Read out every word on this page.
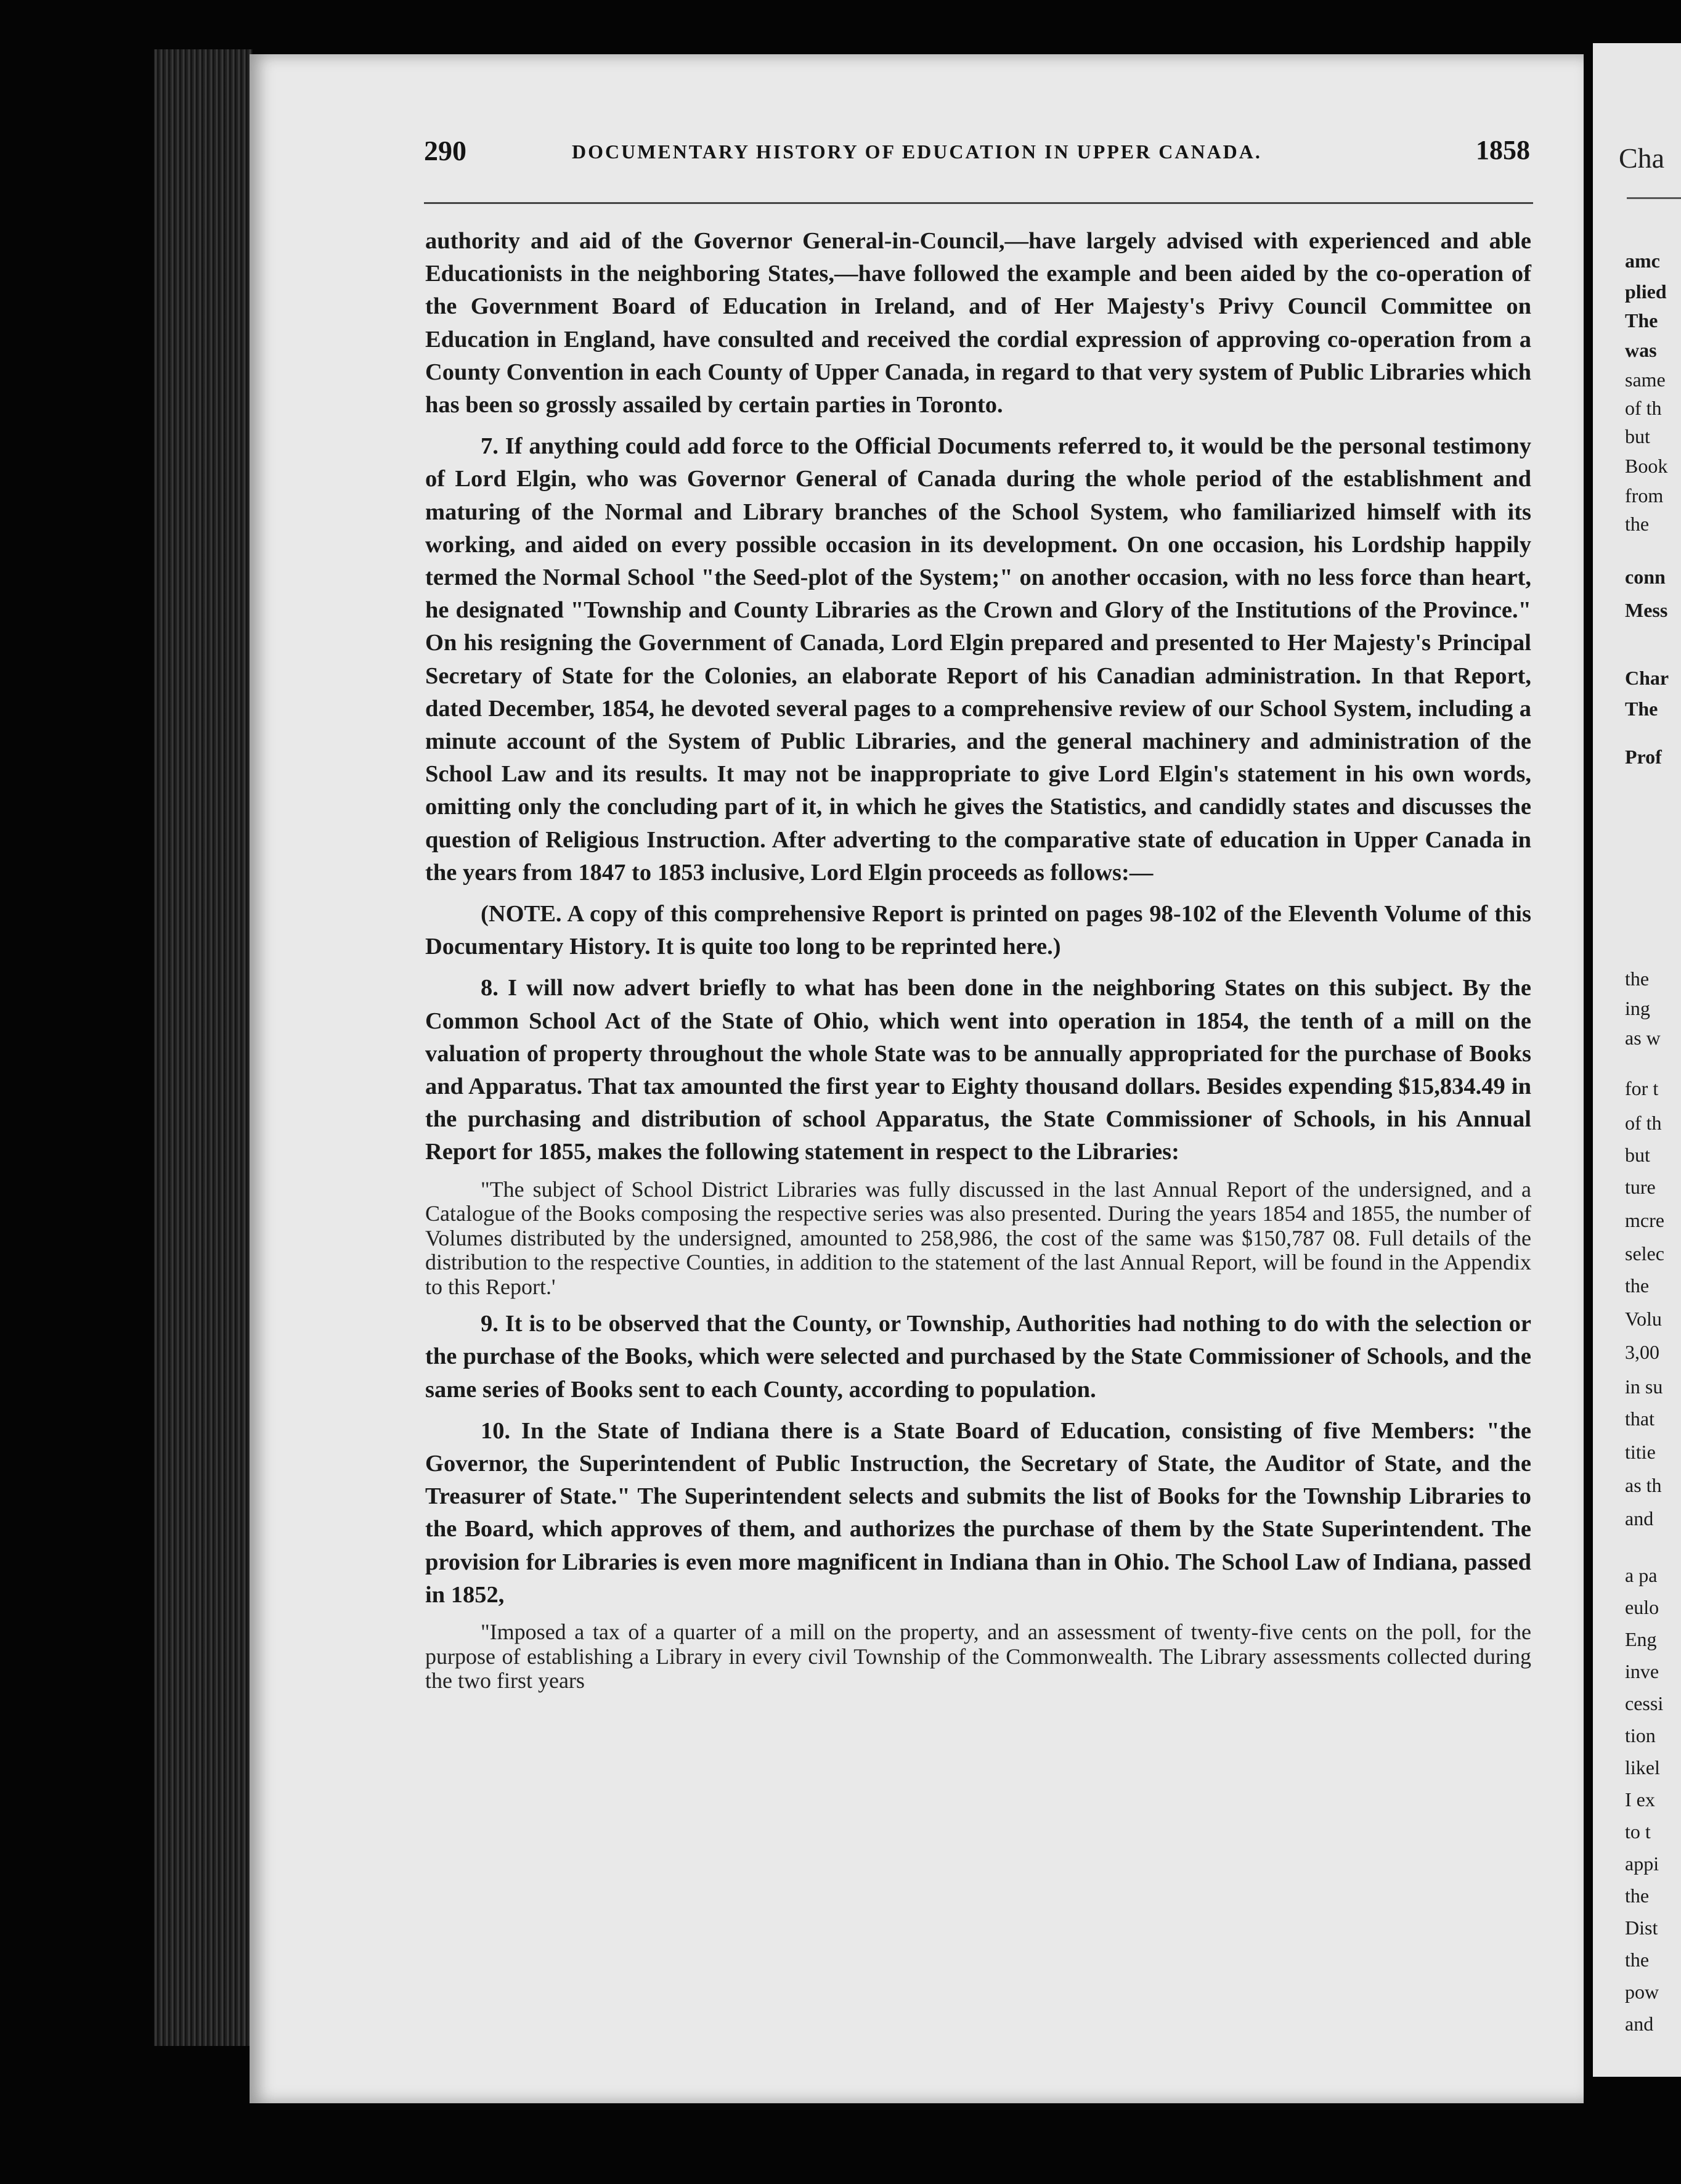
290	DOCUMENTARY HISTORY OF EDUCATION IN UPPER CANADA.	1858

authority and aid of the Governor General-in-Council,—have largely advised with experienced and able Educationists in the neighboring States,—have followed the example and been aided by the co-operation of the Government Board of Education in Ireland, and of Her Majesty's Privy Council Committee on Education in England, have consulted and received the cordial expression of approving co-operation from a County Convention in each County of Upper Canada, in regard to that very system of Public Libraries which has been so grossly assailed by certain parties in Toronto.

7. If anything could add force to the Official Documents referred to, it would be the personal testimony of Lord Elgin, who was Governor General of Canada during the whole period of the establishment and maturing of the Normal and Library branches of the School System, who familiarized himself with its working, and aided on every possible occasion in its development. On one occasion, his Lordship happily termed the Normal School "the Seed-plot of the System;" on another occasion, with no less force than heart, he designated "Township and County Libraries as the Crown and Glory of the Institutions of the Province." On his resigning the Government of Canada, Lord Elgin prepared and presented to Her Majesty's Principal Secretary of State for the Colonies, an elaborate Report of his Canadian administration. In that Report, dated December, 1854, he devoted several pages to a comprehensive review of our School System, including a minute account of the System of Public Libraries, and the general machinery and administration of the School Law and its results. It may not be inappropriate to give Lord Elgin's statement in his own words, omitting only the concluding part of it, in which he gives the Statistics, and candidly states and discusses the question of Religious Instruction. After adverting to the comparative state of education in Upper Canada in the years from 1847 to 1853 inclusive, Lord Elgin proceeds as follows:—

(NOTE. A copy of this comprehensive Report is printed on pages 98-102 of the Eleventh Volume of this Documentary History. It is quite too long to be reprinted here.)

8. I will now advert briefly to what has been done in the neighboring States on this subject. By the Common School Act of the State of Ohio, which went into operation in 1854, the tenth of a mill on the valuation of property throughout the whole State was to be annually appropriated for the purchase of Books and Apparatus. That tax amounted the first year to Eighty thousand dollars. Besides expending $15,834.49 in the purchasing and distribution of school Apparatus, the State Commissioner of Schools, in his Annual Report for 1855, makes the following statement in respect to the Libraries:

"The subject of School District Libraries was fully discussed in the last Annual Report of the undersigned, and a Catalogue of the Books composing the respective series was also presented. During the years 1854 and 1855, the number of Volumes distributed by the undersigned, amounted to 258,986, the cost of the same was $150,787 08. Full details of the distribution to the respective Counties, in addition to the statement of the last Annual Report, will be found in the Appendix to this Report.'

9. It is to be observed that the County, or Township, Authorities had nothing to do with the selection or the purchase of the Books, which were selected and purchased by the State Commissioner of Schools, and the same series of Books sent to each County, according to population.

10. In the State of Indiana there is a State Board of Education, consisting of five Members: "the Governor, the Superintendent of Public Instruction, the Secretary of State, the Auditor of State, and the Treasurer of State." The Superintendent selects and submits the list of Books for the Township Libraries to the Board, which approves of them, and authorizes the purchase of them by the State Superintendent. The provision for Libraries is even more magnificent in Indiana than in Ohio. The School Law of Indiana, passed in 1852,

"Imposed a tax of a quarter of a mill on the property, and an assessment of twenty-five cents on the poll, for the purpose of establishing a Library in every civil Township of the Commonwealth. The Library assessments collected during the two first years

Cha
amc
plied
The
was
same
of th
but
Book
from
the
conn
Mess
Char
The
Prof
the
ing
as w
for t
of th
but
ture
mcre
selec
the
Volu
3,00
in su
that
titie
as th
and
a pa
eulo
Eng
inve
cessi
tion
likel
I ex
to t
appi
the
Dist
the
pow
and
